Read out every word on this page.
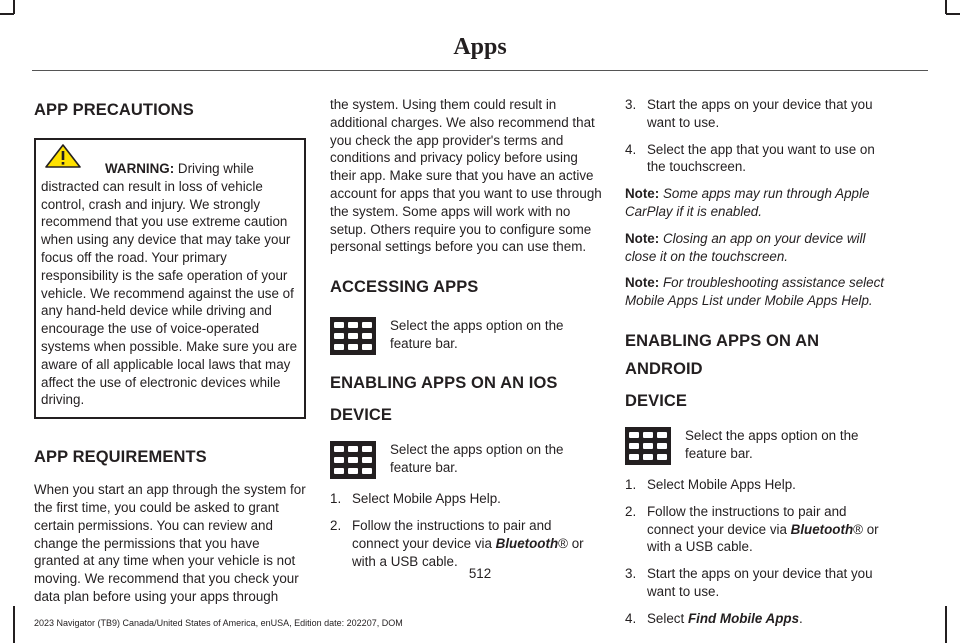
Apps
APP PRECAUTIONS

WARNING: Driving while distracted can result in loss of vehicle control, crash and injury. We strongly recommend that you use extreme caution when using any device that may take your focus off the road. Your primary responsibility is the safe operation of your vehicle. We recommend against the use of any hand-held device while driving and encourage the use of voice-operated systems when possible. Make sure you are aware of all applicable local laws that may affect the use of electronic devices while driving.

APP REQUIREMENTS

When you start an app through the system for the first time, you could be asked to grant certain permissions. You can review and change the permissions that you have granted at any time when your vehicle is not moving. We recommend that you check your data plan before using your apps through

the system. Using them could result in additional charges. We also recommend that you check the app provider's terms and conditions and privacy policy before using their app. Make sure that you have an active account for apps that you want to use through the system. Some apps will work with no setup. Others require you to configure some personal settings before you can use them.

ACCESSING APPS

Select the apps option on the feature bar.

ENABLING APPS ON AN IOS
DEVICE

Select the apps option on the feature bar.

1. Select Mobile Apps Help.
2. Follow the instructions to pair and connect your device via Bluetooth® or with a USB cable.
3. Start the apps on your device that you want to use.
4. Select the app that you want to use on the touchscreen.

Note: Some apps may run through Apple CarPlay if it is enabled.

Note: Closing an app on your device will close it on the touchscreen.

Note: For troubleshooting assistance select Mobile Apps List under Mobile Apps Help.

ENABLING APPS ON AN ANDROID
DEVICE

Select the apps option on the feature bar.

1. Select Mobile Apps Help.
2. Follow the instructions to pair and connect your device via Bluetooth® or with a USB cable.
3. Start the apps on your device that you want to use.
4. Select Find Mobile Apps.
512
2023 Navigator (TB9) Canada/United States of America, enUSA, Edition date: 202207, DOM
